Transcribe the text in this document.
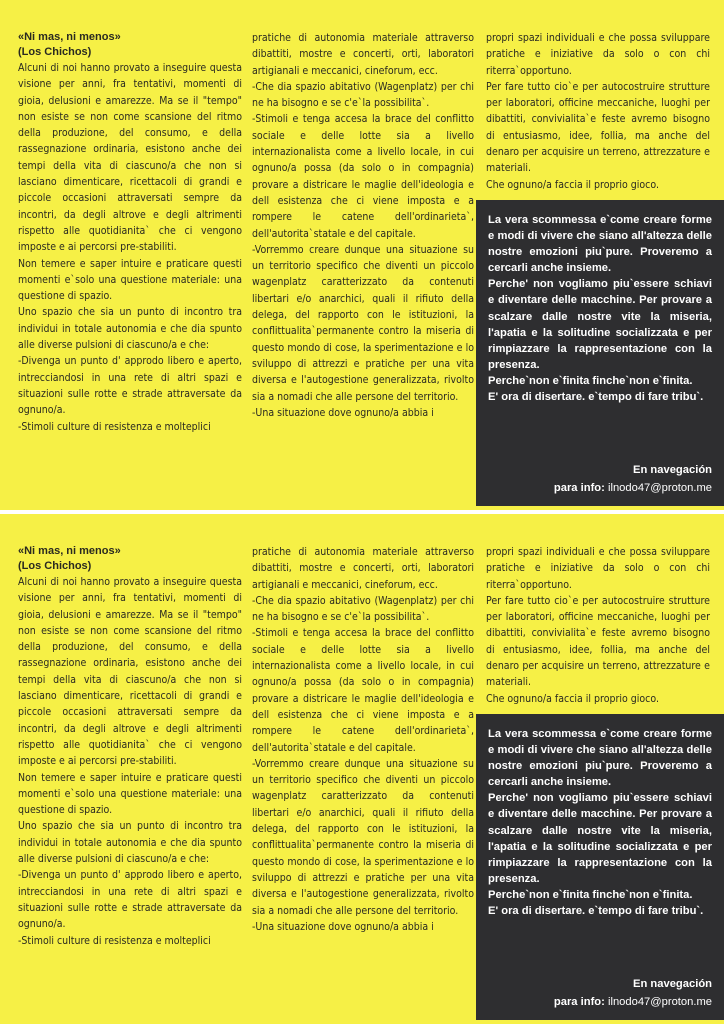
«Ni mas, ni menos»

(Los Chichos)

Alcuni di noi hanno provato a inseguire questa visione per anni, fra tentativi, momenti di gioia, delusioni e amarezze. Ma se il "tempo" non esiste se non come scansione del ritmo della produzione, del consumo, e della rassegnazione ordinaria, esistono anche dei tempi della vita di ciascuno/a che non si lasciano dimenticare, ricettacoli di grandi e piccole occasioni attraversati sempre da incontri, da degli altrove e degli altrimenti rispetto alle quotidianita` che ci vengono imposte e ai percorsi pre-stabiliti.
Non temere e saper intuire e praticare questi momenti e`solo una questione materiale: una questione di spazio.
Uno spazio che sia un punto di incontro tra individui in totale autonomia e che dia spunto alle diverse pulsioni di ciascuno/a e che:
-Divenga un punto d' approdo libero e aperto, intrecciandosi in una rete di altri spazi e situazioni sulle rotte e strade attraversate da ognuno/a.
-Stimoli culture di resistenza e molteplici

pratiche di autonomia materiale attraverso dibattiti, mostre e concerti, orti, laboratori artigianali e meccanici, cineforum, ecc.
-Che dia spazio abitativo (Wagenplatz) per chi ne ha bisogno e se c'e`la possibilita`.
-Stimoli e tenga accesa la brace del conflitto sociale e delle lotte sia a livello internazionalista come a livello locale, in cui ognuno/a possa (da solo o in compagnia) provare a districare le maglie dell'ideologia e dell esistenza che ci viene imposta e a rompere le catene dell'ordinarieta`, dell'autorita`statale e del capitale.
-Vorremmo creare dunque una situazione su un territorio specifico che diventi un piccolo wagenplatz caratterizzato da contenuti libertari e/o anarchici, quali il rifiuto della delega, del rapporto con le istituzioni, la conflittualita`permanente contro la miseria di questo mondo di cose, la sperimentazione e lo sviluppo di attrezzi e pratiche per una vita diversa e l'autogestione generalizzata, rivolto sia a nomadi che alle persone del territorio.
-Una situazione dove ognuno/a abbia i

propri spazi individuali e che possa sviluppare pratiche e iniziative da solo o con chi riterra`opportuno.
Per fare tutto cio`e per autocostruire strutture per laboratori, officine meccaniche, luoghi per dibattiti, convivialita`e feste avremo bisogno di entusiasmo, idee, follia, ma anche del denaro per acquisire un terreno, attrezzature e materiali.
Che ognuno/a faccia il proprio gioco.

La vera scommessa e`come creare forme e modi di vivere che siano all'altezza delle nostre emozioni piu`pure. Proveremo a cercarli anche insieme.
Perche' non vogliamo piu`essere schiavi e diventare delle macchine. Per provare a scalzare dalle nostre vite la miseria, l'apatia e la solitudine socializzata e per rimpiazzare la rappresentazione con la presenza.
Perche`non e`finita finche`non e`finita.
E' ora di disertare. e`tempo di fare tribu`.

En navegación
para info: ilnodo47@proton.me

«Ni mas, ni menos»

(Los Chichos)

Alcuni di noi hanno provato a inseguire questa visione per anni, fra tentativi, momenti di gioia, delusioni e amarezze. Ma se il "tempo" non esiste se non come scansione del ritmo della produzione, del consumo, e della rassegnazione ordinaria, esistono anche dei tempi della vita di ciascuno/a che non si lasciano dimenticare, ricettacoli di grandi e piccole occasioni attraversati sempre da incontri, da degli altrove e degli altrimenti rispetto alle quotidianita` che ci vengono imposte e ai percorsi pre-stabiliti.
Non temere e saper intuire e praticare questi momenti e`solo una questione materiale: una questione di spazio.
Uno spazio che sia un punto di incontro tra individui in totale autonomia e che dia spunto alle diverse pulsioni di ciascuno/a e che:
-Divenga un punto d' approdo libero e aperto, intrecciandosi in una rete di altri spazi e situazioni sulle rotte e strade attraversate da ognuno/a.
-Stimoli culture di resistenza e molteplici

pratiche di autonomia materiale attraverso dibattiti, mostre e concerti, orti, laboratori artigianali e meccanici, cineforum, ecc.
-Che dia spazio abitativo (Wagenplatz) per chi ne ha bisogno e se c'e`la possibilita`.
-Stimoli e tenga accesa la brace del conflitto sociale e delle lotte sia a livello internazionalista come a livello locale, in cui ognuno/a possa (da solo o in compagnia) provare a districare le maglie dell'ideologia e dell esistenza che ci viene imposta e a rompere le catene dell'ordinarieta`, dell'autorita`statale e del capitale.
-Vorremmo creare dunque una situazione su un territorio specifico che diventi un piccolo wagenplatz caratterizzato da contenuti libertari e/o anarchici, quali il rifiuto della delega, del rapporto con le istituzioni, la conflittualita`permanente contro la miseria di questo mondo di cose, la sperimentazione e lo sviluppo di attrezzi e pratiche per una vita diversa e l'autogestione generalizzata, rivolto sia a nomadi che alle persone del territorio.
-Una situazione dove ognuno/a abbia i

propri spazi individuali e che possa sviluppare pratiche e iniziative da solo o con chi riterra`opportuno.
Per fare tutto cio`e per autocostruire strutture per laboratori, officine meccaniche, luoghi per dibattiti, convivialita`e feste avremo bisogno di entusiasmo, idee, follia, ma anche del denaro per acquisire un terreno, attrezzature e materiali.
Che ognuno/a faccia il proprio gioco.

La vera scommessa e`come creare forme e modi di vivere che siano all'altezza delle nostre emozioni piu`pure. Proveremo a cercarli anche insieme.
Perche' non vogliamo piu`essere schiavi e diventare delle macchine. Per provare a scalzare dalle nostre vite la miseria, l'apatia e la solitudine socializzata e per rimpiazzare la rappresentazione con la presenza.
Perche`non e`finita finche`non e`finita.
E' ora di disertare. e`tempo di fare tribu`.

En navegación
para info: ilnodo47@proton.me
